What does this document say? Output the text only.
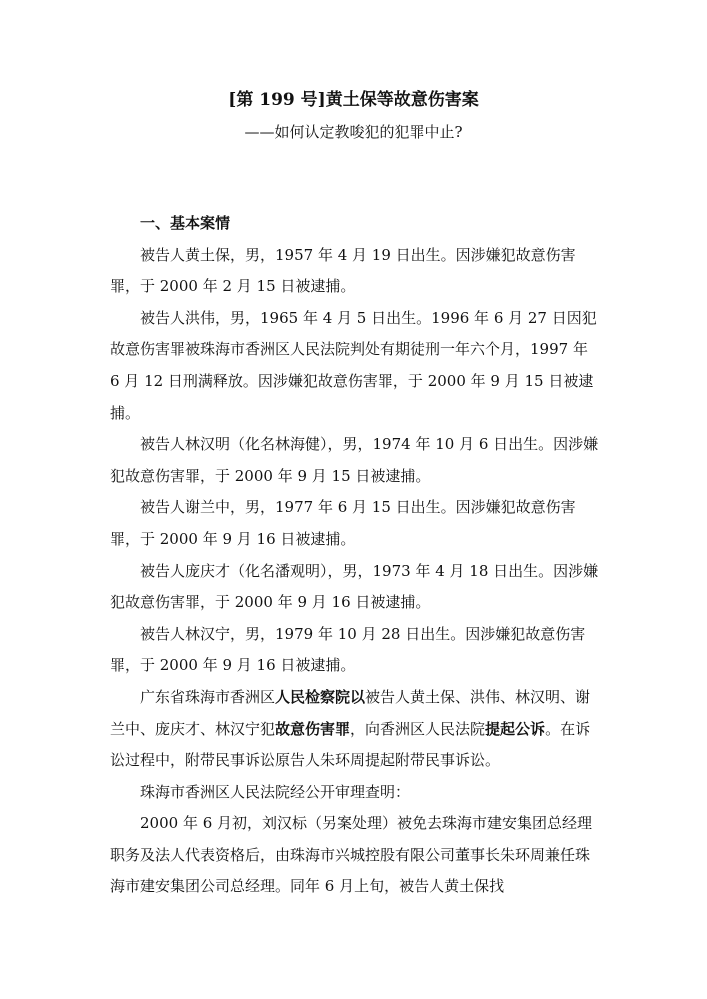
[第 199 号]黄土保等故意伤害案
——如何认定教唆犯的犯罪中止?

一、基本案情

被告人黄土保，男，1957 年 4 月 19 日出生。因涉嫌犯故意伤害罪，于 2000 年 2 月 15 日被逮捕。

被告人洪伟，男，1965 年 4 月 5 日出生。1996 年 6 月 27 日因犯故意伤害罪被珠海市香洲区人民法院判处有期徒刑一年六个月，1997 年 6 月 12 日刑满释放。因涉嫌犯故意伤害罪，于 2000 年 9 月 15 日被逮捕。

被告人林汉明（化名林海健），男，1974 年 10 月 6 日出生。因涉嫌犯故意伤害罪，于 2000 年 9 月 15 日被逮捕。

被告人谢兰中，男，1977 年 6 月 15 日出生。因涉嫌犯故意伤害罪，于 2000 年 9 月 16 日被逮捕。

被告人庞庆才（化名潘观明），男，1973 年 4 月 18 日出生。因涉嫌犯故意伤害罪，于 2000 年 9 月 16 日被逮捕。

被告人林汉宁，男，1979 年 10 月 28 日出生。因涉嫌犯故意伤害罪，于 2000 年 9 月 16 日被逮捕。

广东省珠海市香洲区人民检察院以被告人黄土保、洪伟、林汉明、谢兰中、庞庆才、林汉宁犯故意伤害罪，向香洲区人民法院提起公诉。在诉讼过程中，附带民事诉讼原告人朱环周提起附带民事诉讼。

珠海市香洲区人民法院经公开审理查明：

2000 年 6 月初，刘汉标（另案处理）被免去珠海市建安集团总经理职务及法人代表资格后，由珠海市兴城控股有限公司董事长朱环周兼任珠海市建安集团公司总经理。同年 6 月上旬，被告人黄土保找
